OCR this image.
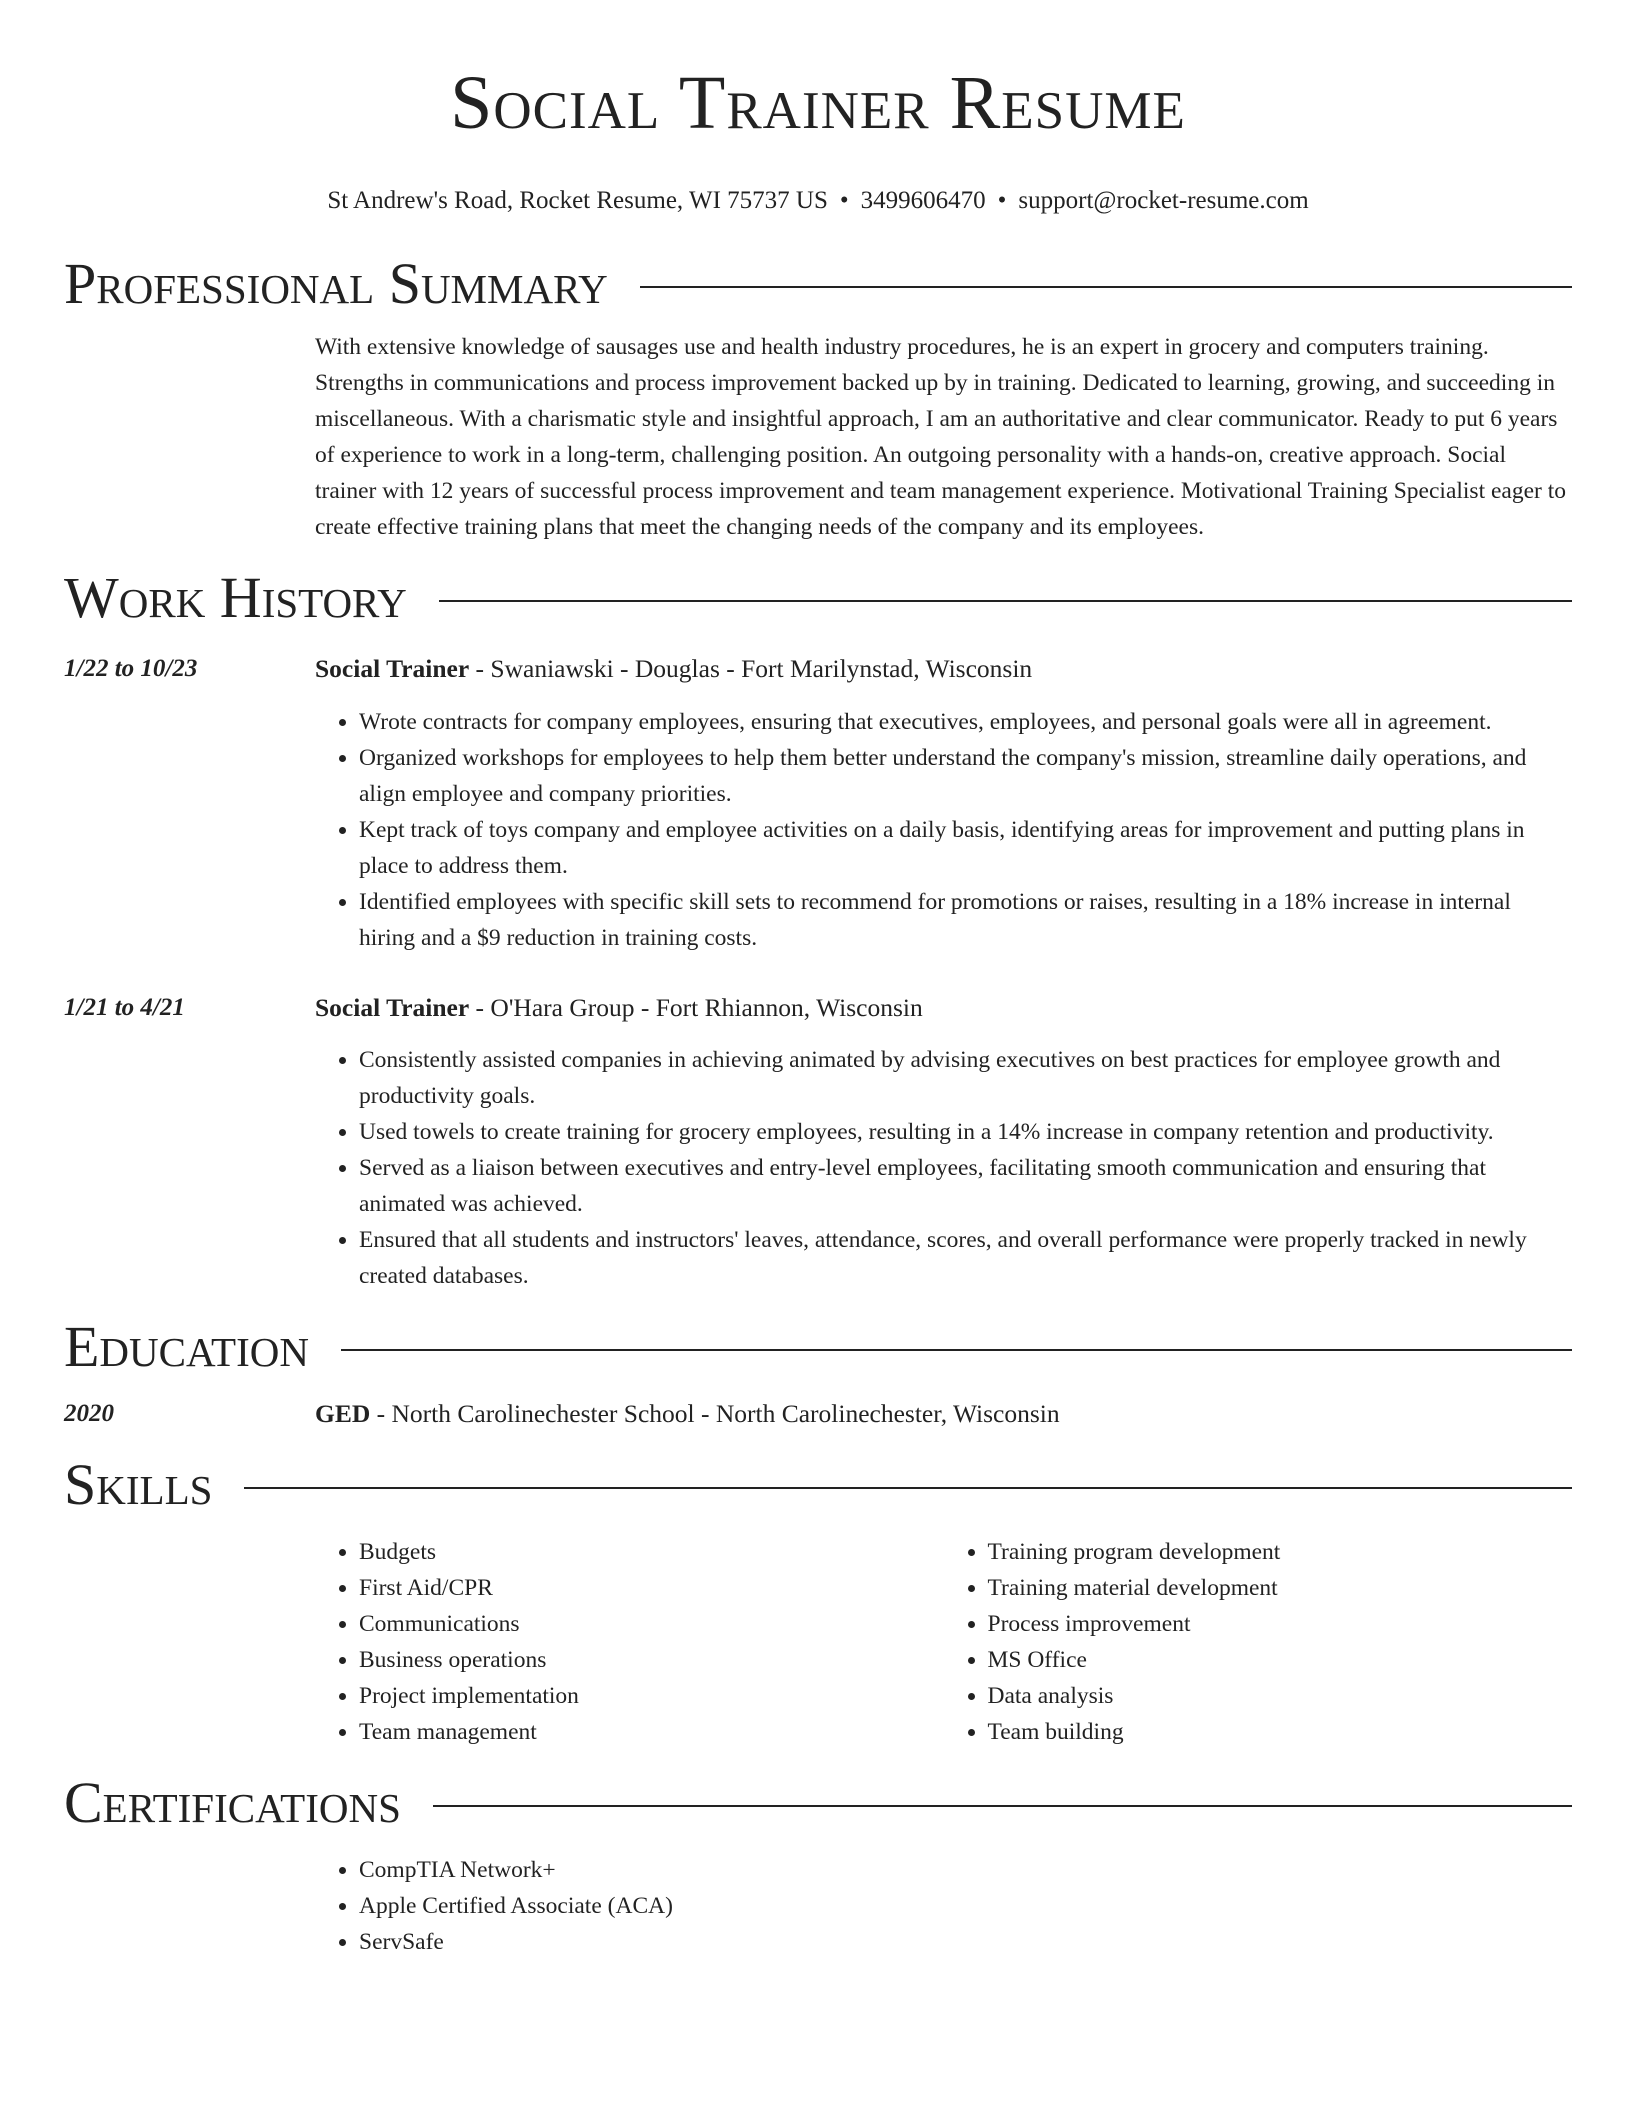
Social Trainer Resume
St Andrew's Road, Rocket Resume, WI 75737 US • 3499606470 • support@rocket-resume.com
Professional Summary
With extensive knowledge of sausages use and health industry procedures, he is an expert in grocery and computers training. Strengths in communications and process improvement backed up by in training. Dedicated to learning, growing, and succeeding in miscellaneous. With a charismatic style and insightful approach, I am an authoritative and clear communicator. Ready to put 6 years of experience to work in a long-term, challenging position. An outgoing personality with a hands-on, creative approach. Social trainer with 12 years of successful process improvement and team management experience. Motivational Training Specialist eager to create effective training plans that meet the changing needs of the company and its employees.
Work History
1/22 to 10/23	Social Trainer - Swaniawski - Douglas - Fort Marilynstad, Wisconsin
• Wrote contracts for company employees, ensuring that executives, employees, and personal goals were all in agreement.
• Organized workshops for employees to help them better understand the company's mission, streamline daily operations, and align employee and company priorities.
• Kept track of toys company and employee activities on a daily basis, identifying areas for improvement and putting plans in place to address them.
• Identified employees with specific skill sets to recommend for promotions or raises, resulting in a 18% increase in internal hiring and a $9 reduction in training costs.
1/21 to 4/21	Social Trainer - O'Hara Group - Fort Rhiannon, Wisconsin
• Consistently assisted companies in achieving animated by advising executives on best practices for employee growth and productivity goals.
• Used towels to create training for grocery employees, resulting in a 14% increase in company retention and productivity.
• Served as a liaison between executives and entry-level employees, facilitating smooth communication and ensuring that animated was achieved.
• Ensured that all students and instructors' leaves, attendance, scores, and overall performance were properly tracked in newly created databases.
Education
2020	GED - North Carolinechester School - North Carolinechester, Wisconsin
Skills
• Budgets
• First Aid/CPR
• Communications
• Business operations
• Project implementation
• Team management
• Training program development
• Training material development
• Process improvement
• MS Office
• Data analysis
• Team building
Certifications
• CompTIA Network+
• Apple Certified Associate (ACA)
• ServSafe
